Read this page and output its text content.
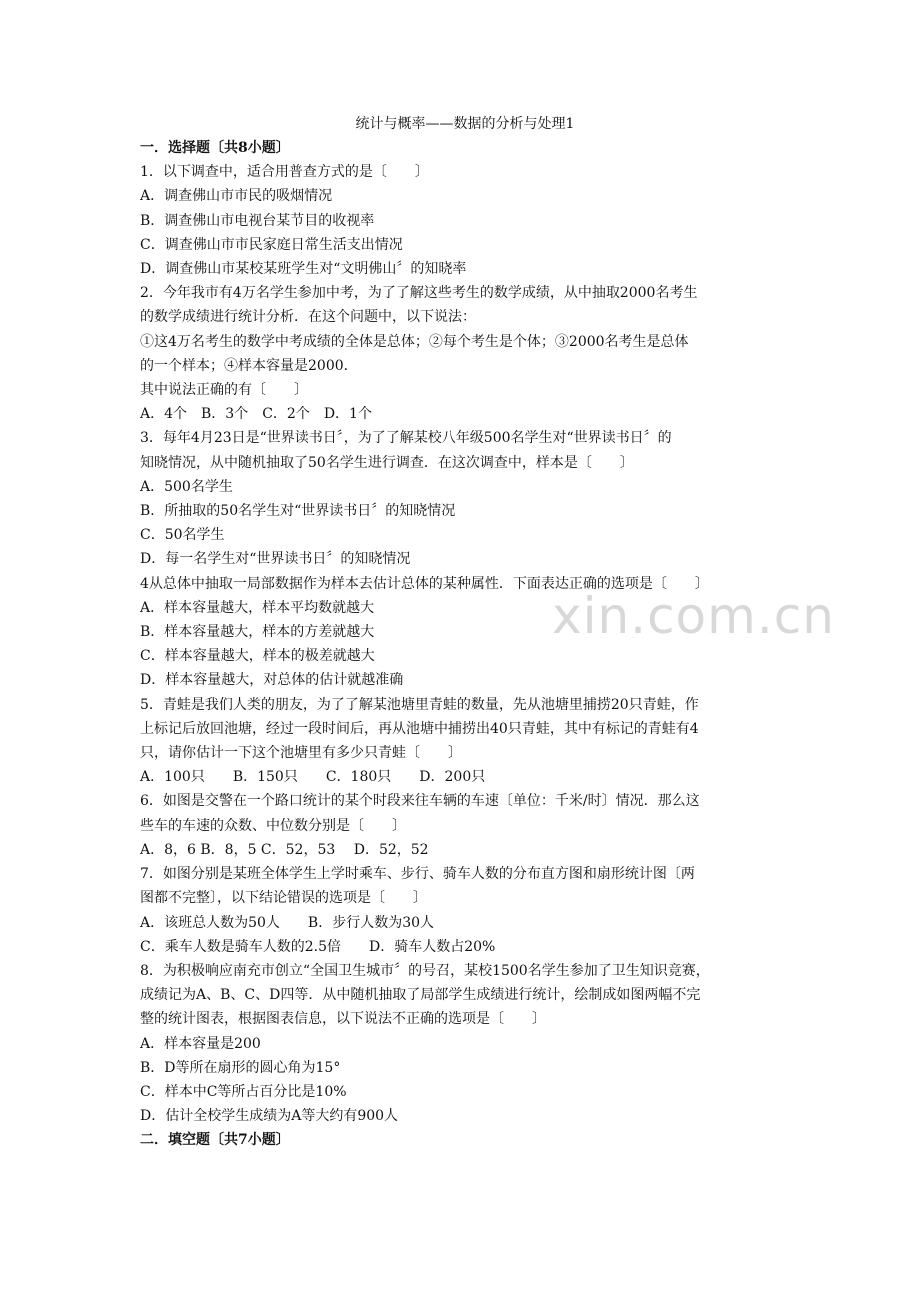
统计与概率——数据的分析与处理1
一．选择题〔共8小题〕
1．以下调查中，适合用普查方式的是〔　　〕
A．调查佛山市市民的吸烟情况
B．调查佛山市电视台某节目的收视率
C．调查佛山市市民家庭日常生活支出情况
D．调查佛山市某校某班学生对“文明佛山〞的知晓率
2．今年我市有4万名学生参加中考，为了了解这些考生的数学成绩，从中抽取2000名考生
的数学成绩进行统计分析．在这个问题中，以下说法：
①这4万名考生的数学中考成绩的全体是总体；②每个考生是个体；③2000名考生是总体
的一个样本；④样本容量是2000．
其中说法正确的有〔　　〕
A．4个　B．3个　C．2个　D．1个
3．每年4月23日是“世界读书日〞，为了了解某校八年级500名学生对“世界读书日〞的
知晓情况，从中随机抽取了50名学生进行调查．在这次调查中，样本是〔　　〕
A．500名学生
B．所抽取的50名学生对“世界读书日〞的知晓情况
C．50名学生
D．每一名学生对“世界读书日〞的知晓情况
4从总体中抽取一局部数据作为样本去估计总体的某种属性．下面表达正确的选项是〔　　〕
A．样本容量越大，样本平均数就越大
B．样本容量越大，样本的方差就越大
C．样本容量越大，样本的极差就越大
D．样本容量越大，对总体的估计就越准确
5．青蛙是我们人类的朋友，为了了解某池塘里青蛙的数量，先从池塘里捕捞20只青蛙，作
上标记后放回池塘，经过一段时间后，再从池塘中捕捞出40只青蛙，其中有标记的青蛙有4
只，请你估计一下这个池塘里有多少只青蛙〔　　〕
A．100只　　B．150只　　C．180只　　D．200只
6．如图是交警在一个路口统计的某个时段来往车辆的车速〔单位：千米/时〕情况．那么这
些车的车速的众数、中位数分别是〔　　〕
A．8，6 B．8，5 C．52，53　 D．52，52
7．如图分别是某班全体学生上学时乘车、步行、骑车人数的分布直方图和扇形统计图〔两
图都不完整〕，以下结论错误的选项是〔　　〕
A．该班总人数为50人　　B．步行人数为30人
C．乘车人数是骑车人数的2.5倍　　D．骑车人数占20%
8．为积极响应南充市创立“全国卫生城市〞的号召，某校1500名学生参加了卫生知识竞赛，
成绩记为A、B、C、D四等．从中随机抽取了局部学生成绩进行统计，绘制成如图两幅不完
整的统计图表，根据图表信息，以下说法不正确的选项是〔　　〕
A．样本容量是200
B．D等所在扇形的圆心角为15°
C．样本中C等所占百分比是10%
D．估计全校学生成绩为A等大约有900人
二．填空题〔共7小题〕
xin.com.cn
